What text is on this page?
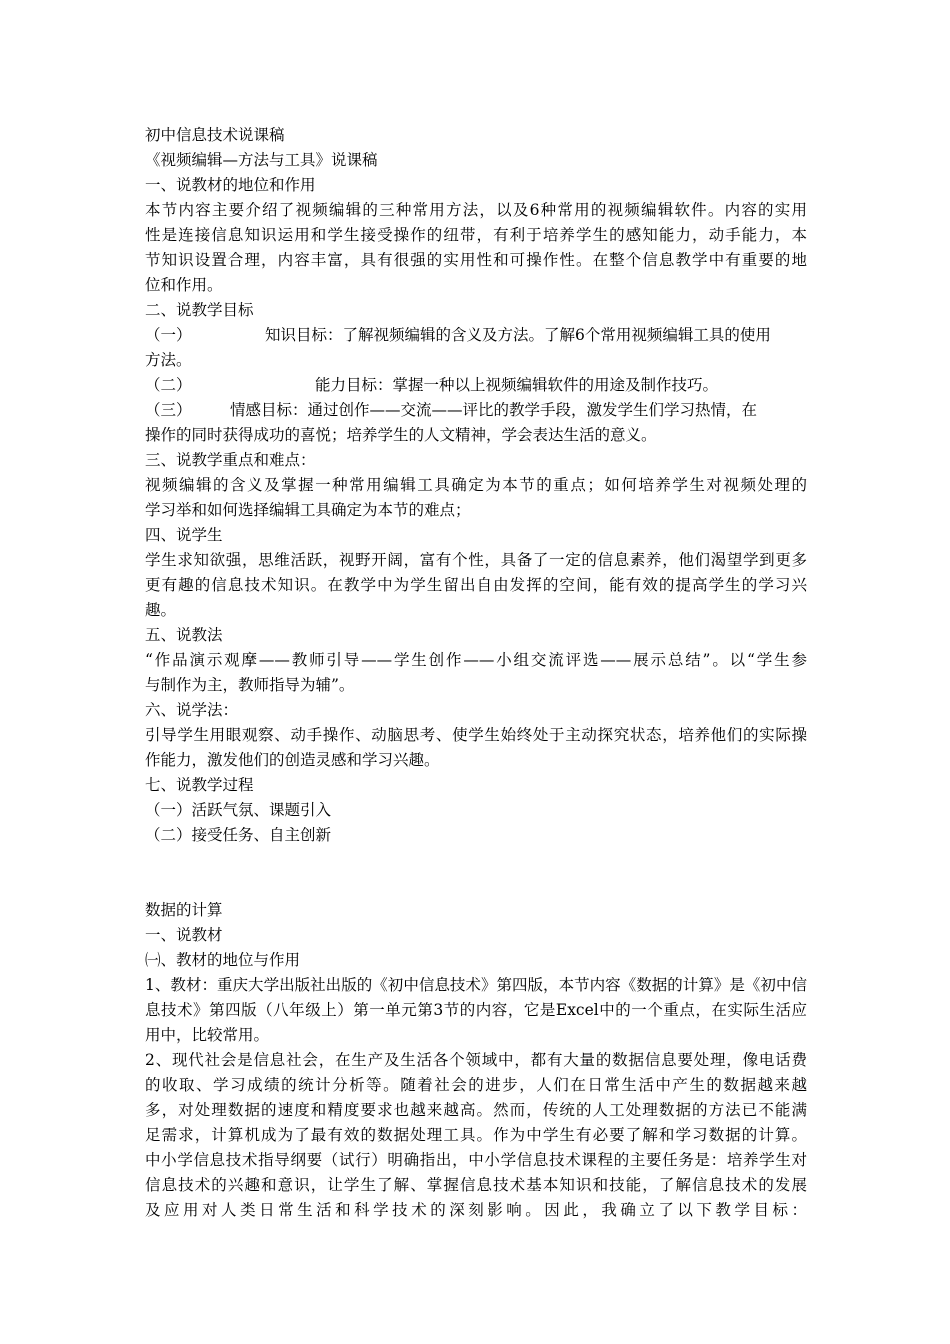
初中信息技术说课稿
《视频编辑—方法与工具》说课稿
一、说教材的地位和作用
本节内容主要介绍了视频编辑的三种常用方法，以及6种常用的视频编辑软件。内容的实用
性是连接信息知识运用和学生接受操作的纽带，有利于培养学生的感知能力，动手能力，本
节知识设置合理，内容丰富，具有很强的实用性和可操作性。在整个信息教学中有重要的地
位和作用。
二、说教学目标
（一）	知识目标：了解视频编辑的含义及方法。了解6个常用视频编辑工具的使用
方法。
（二）	能力目标：掌握一种以上视频编辑软件的用途及制作技巧。
（三） 情感目标：通过创作——交流——评比的教学手段，激发学生们学习热情，在
操作的同时获得成功的喜悦；培养学生的人文精神，学会表达生活的意义。
三、说教学重点和难点：
视频编辑的含义及掌握一种常用编辑工具确定为本节的重点；如何培养学生对视频处理的
学习举和如何选择编辑工具确定为本节的难点；
四、说学生
学生求知欲强，思维活跃，视野开阔，富有个性，具备了一定的信息素养，他们渴望学到更多
更有趣的信息技术知识。在教学中为学生留出自由发挥的空间，能有效的提高学生的学习兴
趣。
五、说教法
“作品演示观摩——教师引导——学生创作——小组交流评选——展示总结”。以“学生参
与制作为主，教师指导为辅”。
六、说学法：
引导学生用眼观察、动手操作、动脑思考、使学生始终处于主动探究状态，培养他们的实际操
作能力，激发他们的创造灵感和学习兴趣。
七、说教学过程
（一）活跃气氛、课题引入
（二）接受任务、自主创新
数据的计算
一、说教材
㈠、教材的地位与作用
1、教材：重庆大学出版社出版的《初中信息技术》第四版，本节内容《数据的计算》是《初中信
息技术》第四版（八年级上）第一单元第3节的内容，它是Excel中的一个重点，在实际生活应
用中，比较常用。
2、现代社会是信息社会，在生产及生活各个领域中，都有大量的数据信息要处理，像电话费
的收取、学习成绩的统计分析等。随着社会的进步，人们在日常生活中产生的数据越来越
多，对处理数据的速度和精度要求也越来越高。然而，传统的人工处理数据的方法已不能满
足需求，计算机成为了最有效的数据处理工具。作为中学生有必要了解和学习数据的计算。
中小学信息技术指导纲要（试行）明确指出，中小学信息技术课程的主要任务是：培养学生对
信息技术的兴趣和意识，让学生了解、掌握信息技术基本知识和技能，了解信息技术的发展
及应用对人类日常生活和科学技术的深刻影响。因此，我确立了以下教学目标：
